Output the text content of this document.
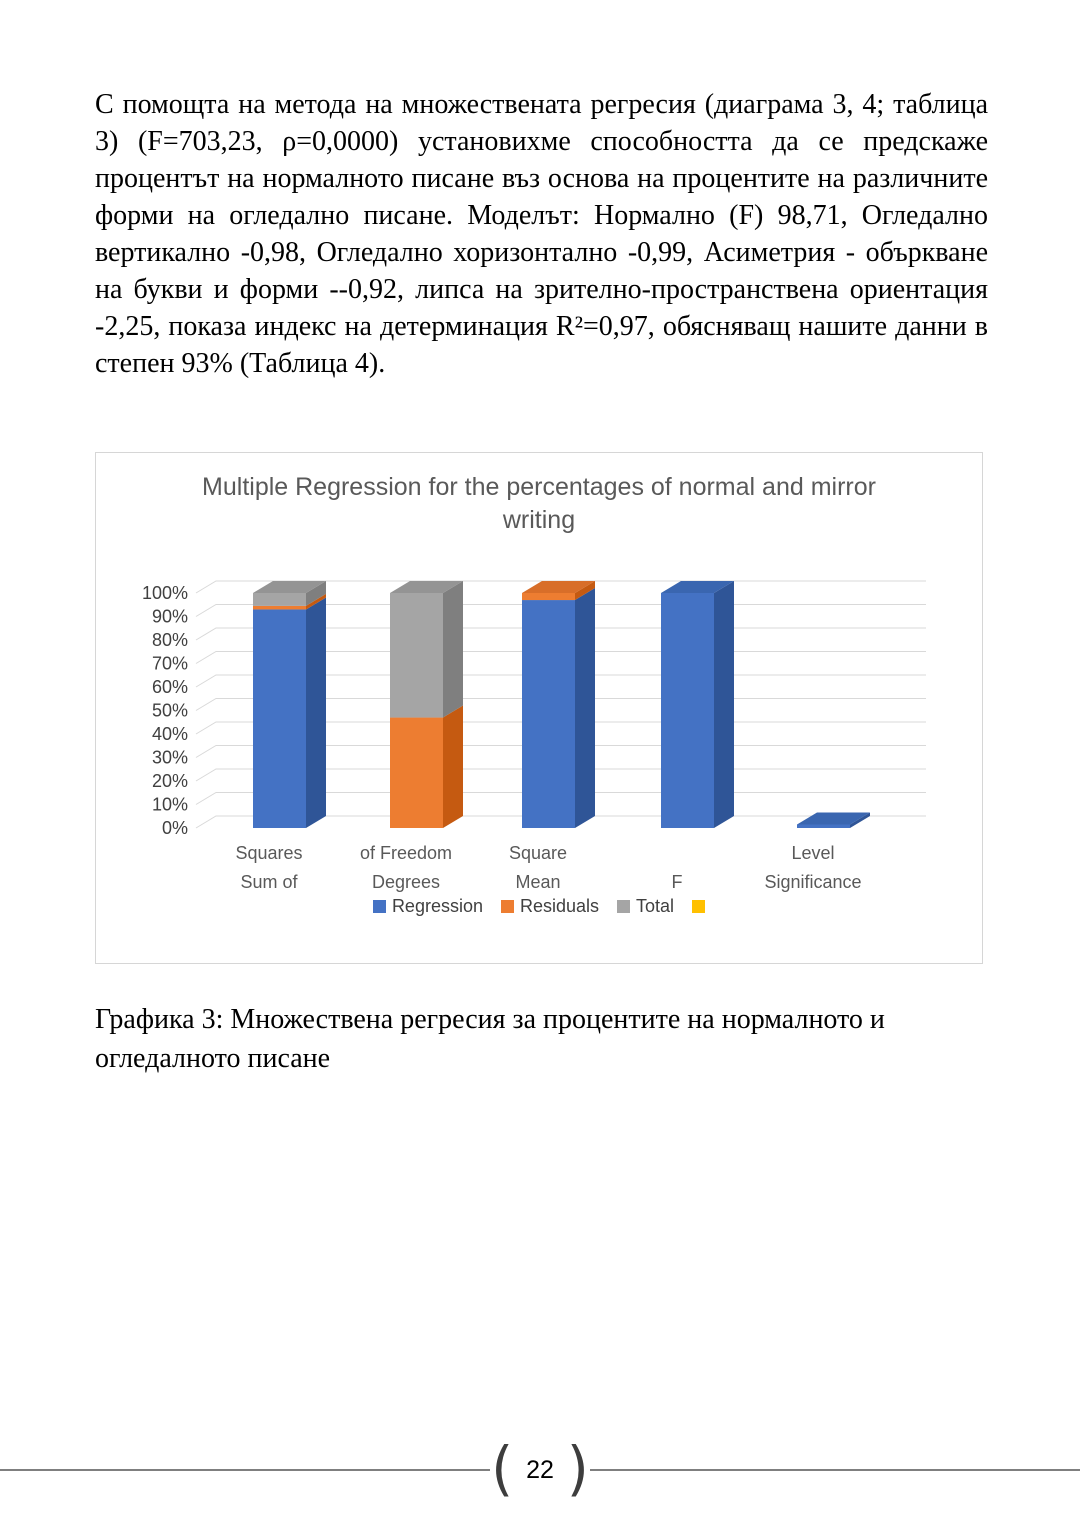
С помощта на метода на множествената регресия (диаграма 3, 4; таблица 3) (F=703,23, ρ=0,0000) установихме способността да се предскаже процентът на нормалното писане въз основа на процентите на различните форми на огледално писане. Моделът: Нормално (F) 98,71, Огледално вертикално -0,98, Огледално хоризонтално -0,99, Асиметрия - объркване на букви и форми --0,92, липса на зрително-пространствена ориентация -2,25, показа индекс на детерминация R²=0,97, обясняващ нашите данни в степен 93% (Таблица 4).

Multiple Regression for the percentages of normal and mirror writing
0%
10%
20%
30%
40%
50%
60%
70%
80%
90%
100%
Squares
Sum of
of Freedom
Degrees
Square
Mean	F
Level
Significance
Regression Residuals Total

Графика 3: Множествена регресия за процентите на нормалното и огледалното писане

( 22 )
